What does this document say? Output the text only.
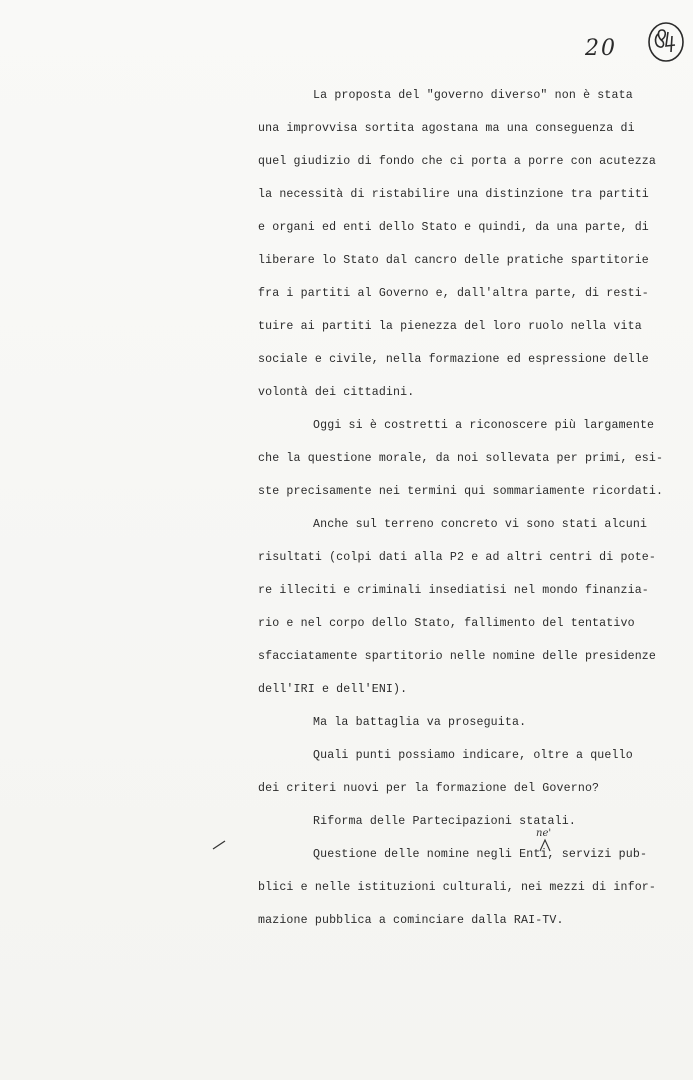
20

La proposta del "governo diverso" non è stata

una improvvisa sortita agostana ma una conseguenza di

quel giudizio di fondo che ci porta a porre con acutezza

la necessità di ristabilire una distinzione tra partiti

e organi ed enti dello Stato e quindi, da una parte, di

liberare lo Stato dal cancro delle pratiche spartitorie

fra i partiti al Governo e, dall'altra parte, di resti-

tuire ai partiti la pienezza del loro ruolo nella vita

sociale e civile, nella formazione ed espressione delle

volontà dei cittadini.

Oggi si è costretti a riconoscere più largamente

che la questione morale, da noi sollevata per primi, esi-

ste precisamente nei termini qui sommariamente ricordati.

Anche sul terreno concreto vi sono stati alcuni

risultati (colpi dati alla P2 e ad altri centri di pote-

re illeciti e criminali insediatisi nel mondo finanzia-

rio e nel corpo dello Stato, fallimento del tentativo

sfacciatamente spartitorio nelle nomine delle presidenze

dell'IRI e dell'ENI).

Ma la battaglia va proseguita.

Quali punti possiamo indicare, oltre a quello

dei criteri nuovi per la formazione del Governo?

Riforma delle Partecipazioni statali.

Questione delle nomine negli Enti, servizi pub-

blici e nelle istituzioni culturali, nei mezzi di infor-

mazione pubblica a cominciare dalla RAI-TV.

ne'
